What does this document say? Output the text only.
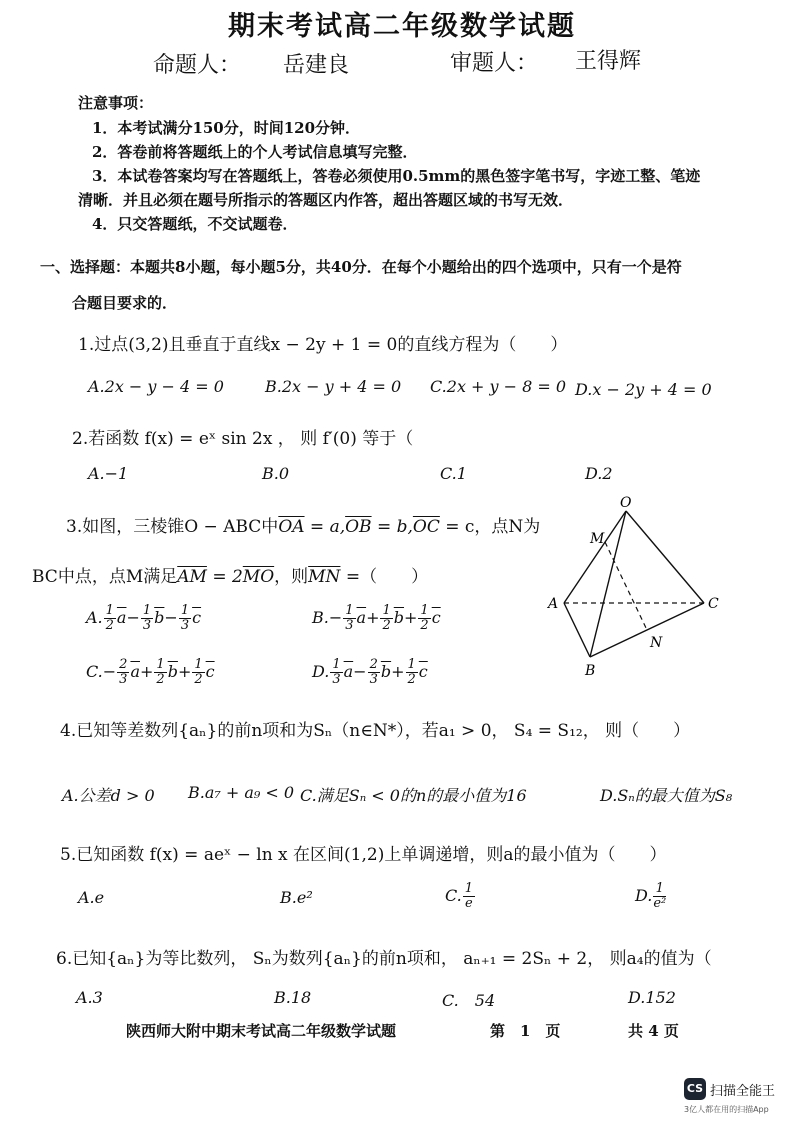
期末考试高二年级数学试题
命题人： 岳建良	审题人： 王得辉
注意事项：
1．本考试满分150分，时间120分钟．
2．答卷前将答题纸上的个人考试信息填写完整．
3．本试卷答案均写在答题纸上，答卷必须使用0.5mm的黑色签字笔书写，字迹工整、笔迹
清晰．并且必须在题号所指示的答题区内作答，超出答题区域的书写无效．
4．只交答题纸，不交试题卷．
一、选择题：本题共8小题，每小题5分，共40分．在每个小题给出的四个选项中，只有一个是符
合题目要求的．
1.过点(3,2)且垂直于直线x − 2y + 1 = 0的直线方程为（　　）
A.2x − y − 4 = 0	B.2x − y + 4 = 0 C.2x + y − 8 = 0 D.x − 2y + 4 = 0
2.若函数 f(x) = eˣ sin 2x ， 则 f′(0) 等于（
A.−1	B.0	C.1	D.2
3.如图，三棱锥O − ABC中$\overline{OA} = a,\overline{OB} = b,\overline{OC} = c$，点N为
BC中点，点M满足$\overline{AM} = 2\overline{MO}$，则$\overline{MN}$ =（　　）
A. $\frac{1}{2} \overline{a}- \frac{1}{3} \overline{b}- \frac{1}{3} \overline{c}$	$B.- \frac{1}{3} \overline{a}+ \frac{1}{2} \overline{b}+ \frac{1}{2} \overline{c}$
$C.- \frac{2}{3} \overline{a}+ \frac{1}{2} \overline{b}+ \frac{1}{2} \overline{c}$	D. $\frac{1}{3} \overline{a}- \frac{2}{3} \overline{b}+ \frac{1}{2} \overline{c}$
O
M
A	C
N
B
4.已知等差数列{aₙ}的前n项和为Sₙ（n∈N*），若a₁ > 0， S₄ = S₁₂， 则（　　）
A.公差d > 0 B.a₇ + a₉ < 0 C.满足Sₙ < 0的n的最小值为16	D.Sₙ的最大值为S₈
5.已知函数 f(x) = aeˣ − ln x 在区间(1,2)上单调递增，则a的最小值为（　　）
A.e	B.e²	C. $\frac{1}{e}$	D. $\frac{1}{\text{e²}}$
6.已知{aₙ}为等比数列， Sₙ为数列{aₙ}的前n项和， aₙ₊₁ = 2Sₙ + 2， 则a₄的值为（
A.3	B.18	C.　54	D.152
陕西师大附中期末考试高二年级数学试题	第　1　页	共 4 页
CS 扫描全能王
3亿人都在用的扫描App
